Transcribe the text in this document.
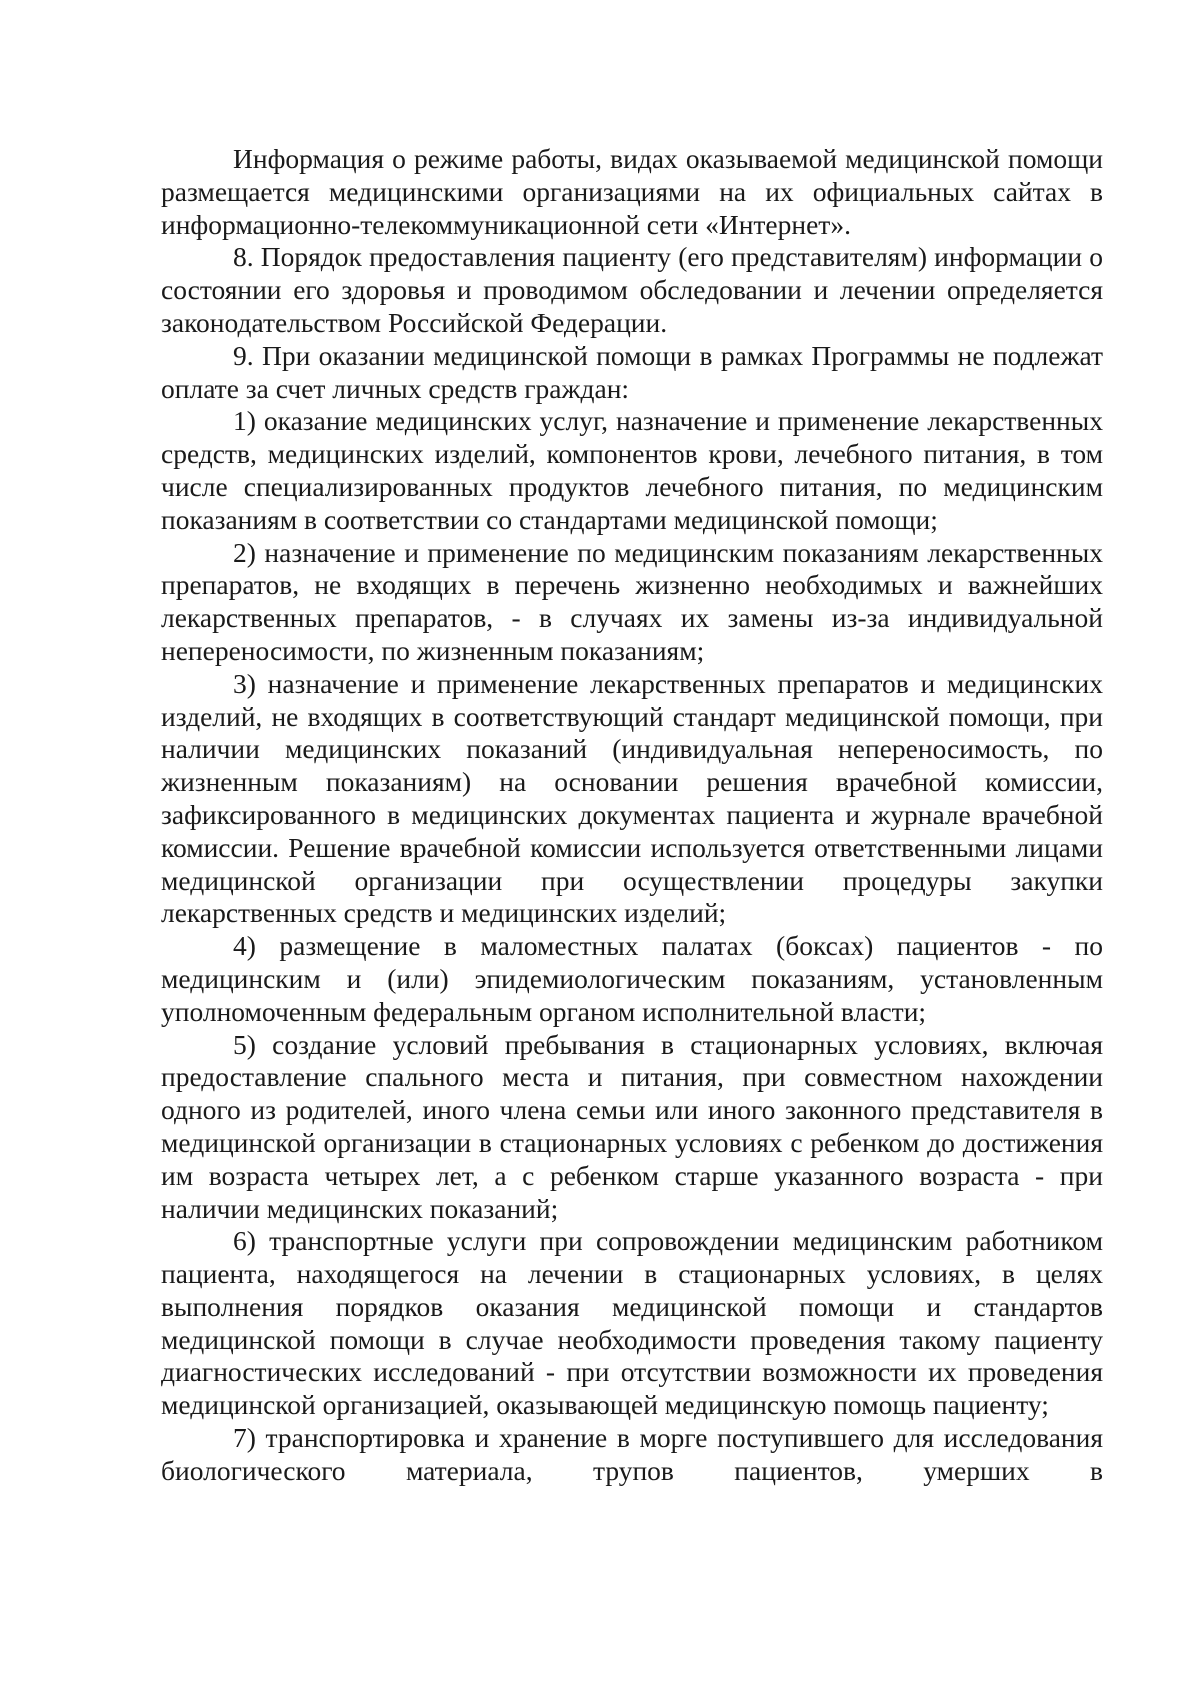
Информация о режиме работы, видах оказываемой медицинской помощи размещается медицинскими организациями на их официальных сайтах в информационно-телекоммуникационной сети «Интернет».

8. Порядок предоставления пациенту (его представителям) информации о состоянии его здоровья и проводимом обследовании и лечении определяется законодательством Российской Федерации.

9. При оказании медицинской помощи в рамках Программы не подлежат оплате за счет личных средств граждан:

1) оказание медицинских услуг, назначение и применение лекарственных средств, медицинских изделий, компонентов крови, лечебного питания, в том числе специализированных продуктов лечебного питания, по медицинским показаниям в соответствии со стандартами медицинской помощи;

2) назначение и применение по медицинским показаниям лекарственных препаратов, не входящих в перечень жизненно необходимых и важнейших лекарственных препаратов, - в случаях их замены из-за индивидуальной непереносимости, по жизненным показаниям;

3) назначение и применение лекарственных препаратов и медицинских изделий, не входящих в соответствующий стандарт медицинской помощи, при наличии медицинских показаний (индивидуальная непереносимость, по жизненным показаниям) на основании решения врачебной комиссии, зафиксированного в медицинских документах пациента и журнале врачебной комиссии. Решение врачебной комиссии используется ответственными лицами медицинской организации при осуществлении процедуры закупки лекарственных средств и медицинских изделий;

4) размещение в маломестных палатах (боксах) пациентов - по медицинским и (или) эпидемиологическим показаниям, установленным уполномоченным федеральным органом исполнительной власти;

5) создание условий пребывания в стационарных условиях, включая предоставление спального места и питания, при совместном нахождении одного из родителей, иного члена семьи или иного законного представителя в медицинской организации в стационарных условиях с ребенком до достижения им возраста четырех лет, а с ребенком старше указанного возраста - при наличии медицинских показаний;

6) транспортные услуги при сопровождении медицинским работником пациента, находящегося на лечении в стационарных условиях, в целях выполнения порядков оказания медицинской помощи и стандартов медицинской помощи в случае необходимости проведения такому пациенту диагностических исследований - при отсутствии возможности их проведения медицинской организацией, оказывающей медицинскую помощь пациенту;

7) транспортировка и хранение в морге поступившего для исследования биологического материала, трупов пациентов, умерших в
